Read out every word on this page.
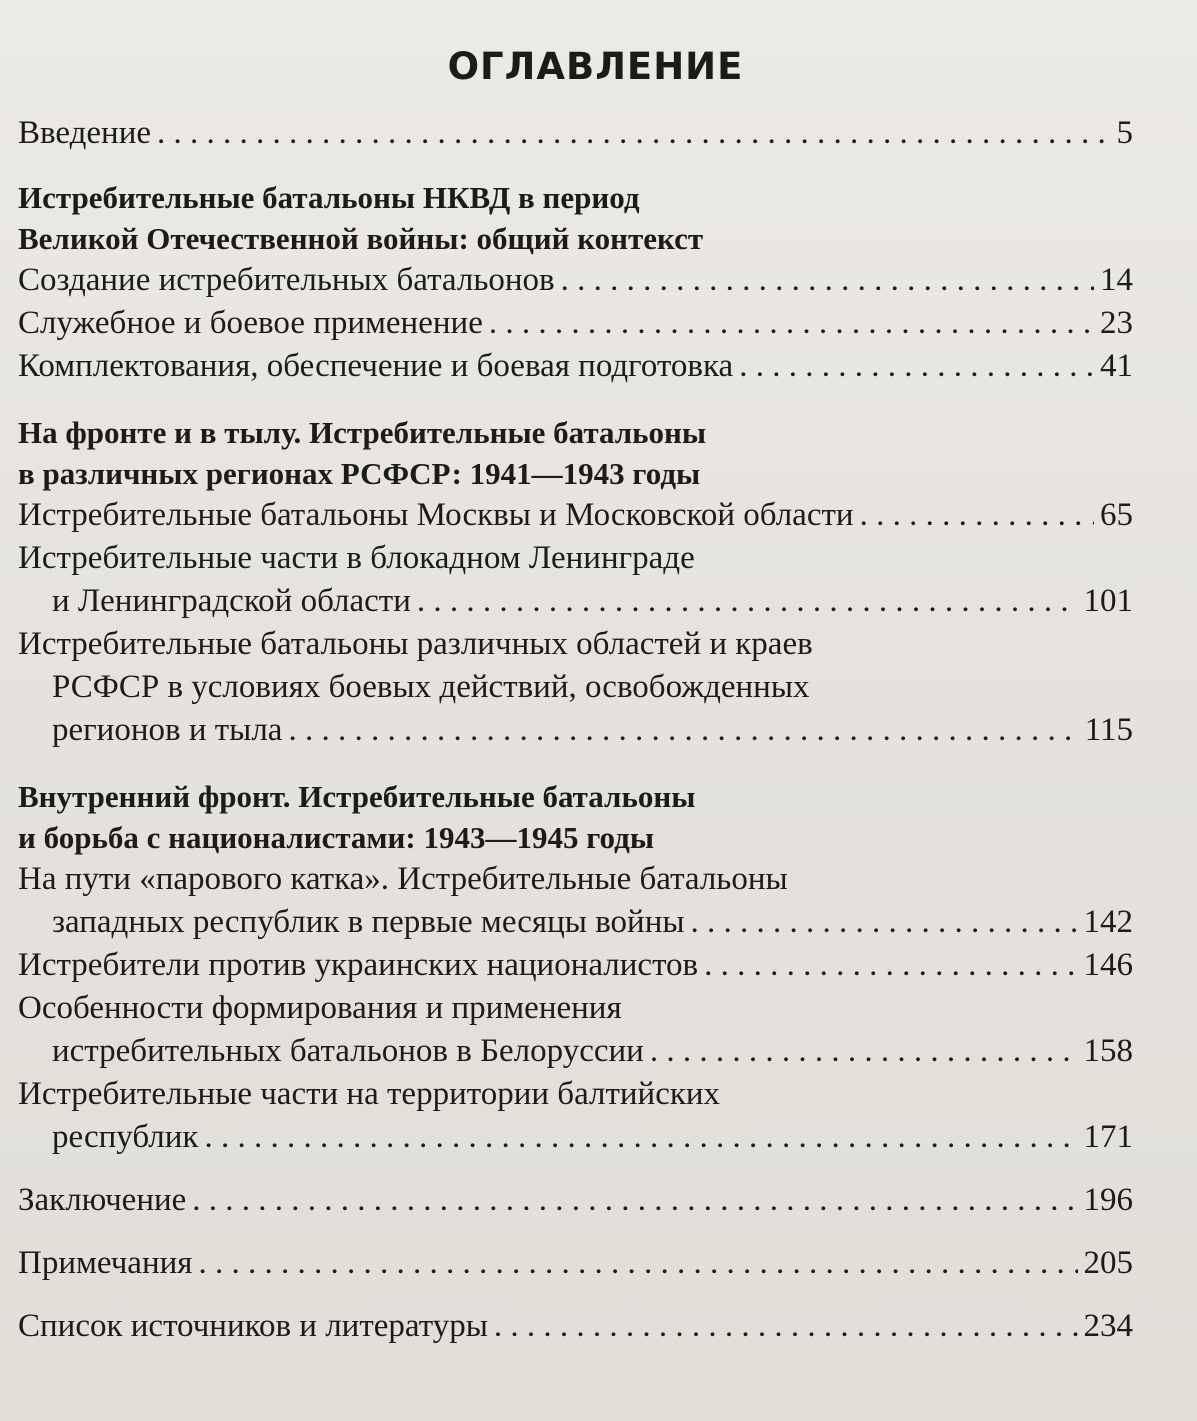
ОГЛАВЛЕНИЕ
Введение . . .	5
Истребительные батальоны НКВД в период
Великой Отечественной войны: общий контекст
Создание истребительных батальонов . . .	14
Служебное и боевое применение . . .	23
Комплектования, обеспечение и боевая подготовка . . .	41
На фронте и в тылу. Истребительные батальоны
в различных регионах РСФСР: 1941—1943 годы
Истребительные батальоны Москвы и Московской области . . .	65
Истребительные части в блокадном Ленинграде
и Ленинградской области . . .	101
Истребительные батальоны различных областей и краев
РСФСР в условиях боевых действий, освобожденных
регионов и тыла . . .	115
Внутренний фронт. Истребительные батальоны
и борьба с националистами: 1943—1945 годы
На пути «парового катка». Истребительные батальоны
западных республик в первые месяцы войны . . .	142
Истребители против украинских националистов . . .	146
Особенности формирования и применения
истребительных батальонов в Белоруссии . . .	158
Истребительные части на территории балтийских
республик . . .	171
Заключение . . .	196
Примечания . . .	205
Список источников и литературы . . .	234
